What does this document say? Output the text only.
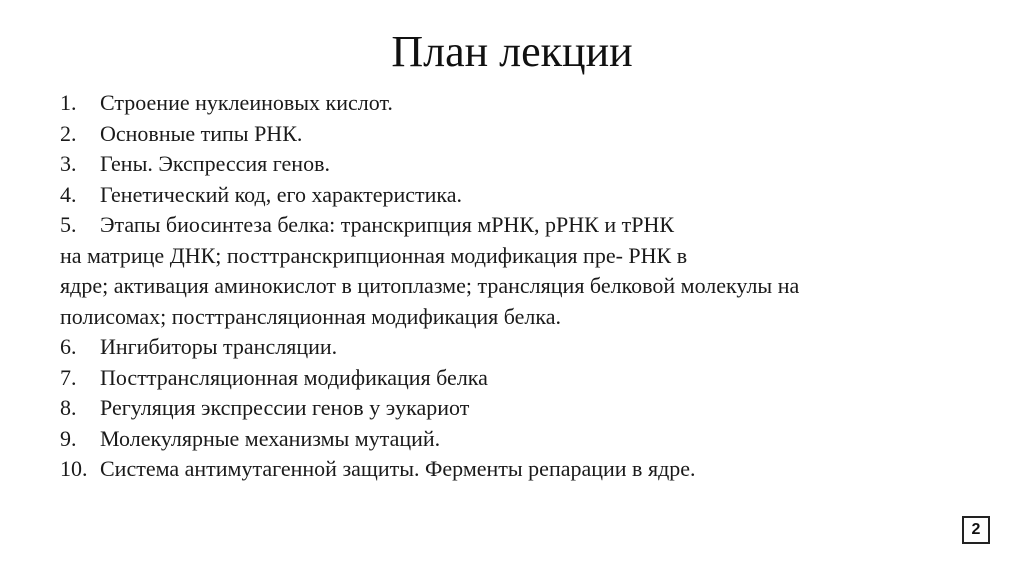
План лекции
1.	Строение нуклеиновых кислот.
2.	Основные типы РНК.
3.	Гены. Экспрессия генов.
4.	Генетический код, его характеристика.
5.	Этапы биосинтеза белка: транскрипция мРНК, рРНК и тРНК
на матрице ДНК; посттранскрипционная модификация пре- РНК в
ядре; активация аминокислот в цитоплазме; трансляция белковой молекулы на
полисомах; посттрансляционная модификация белка.
6.	Ингибиторы трансляции.
7.	Посттрансляционная модификация белка
8.	Регуляция экспрессии генов у эукариот
9.	Молекулярные механизмы мутаций.
10. Система антимутагенной защиты. Ферменты репарации в ядре.
2
